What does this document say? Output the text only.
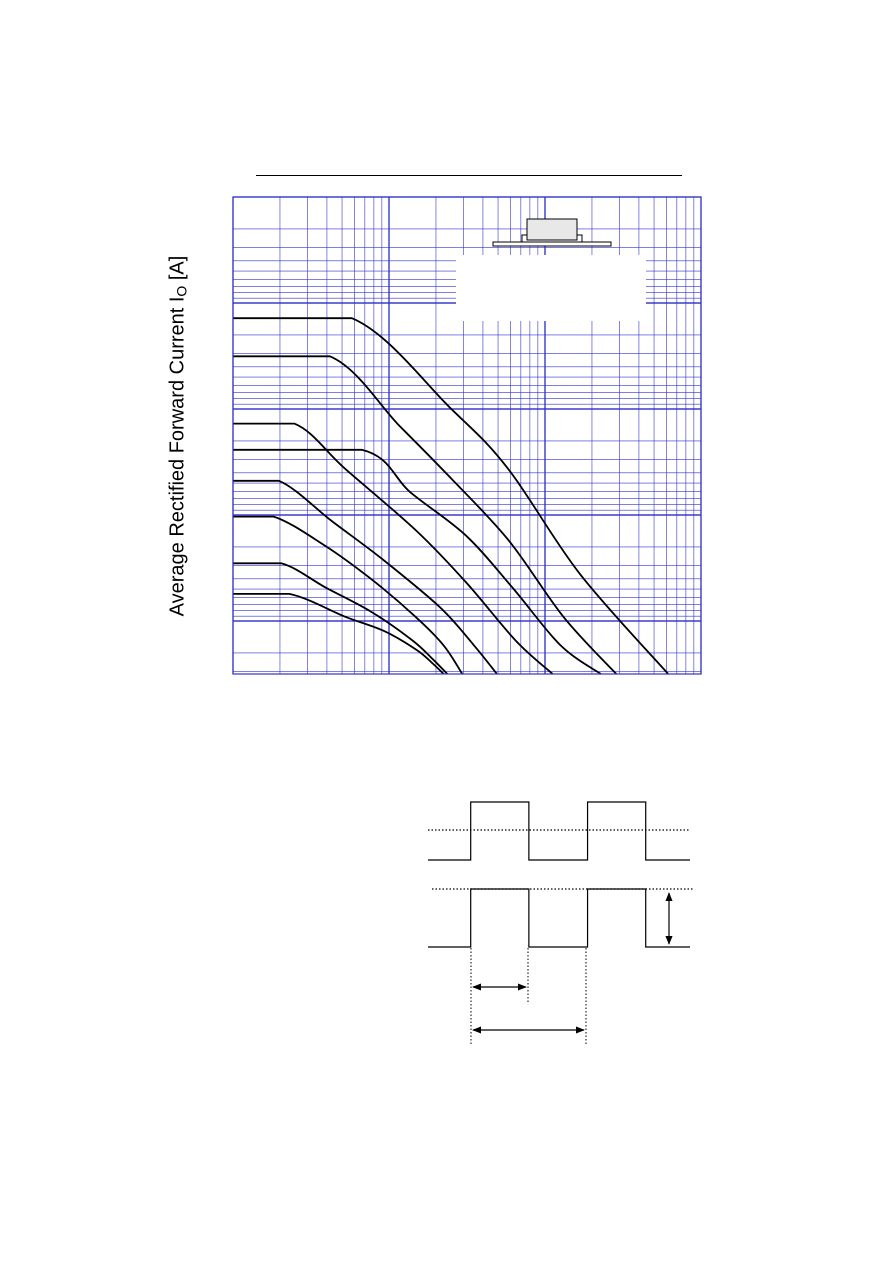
Average Rectified Forward Current IO [A]
